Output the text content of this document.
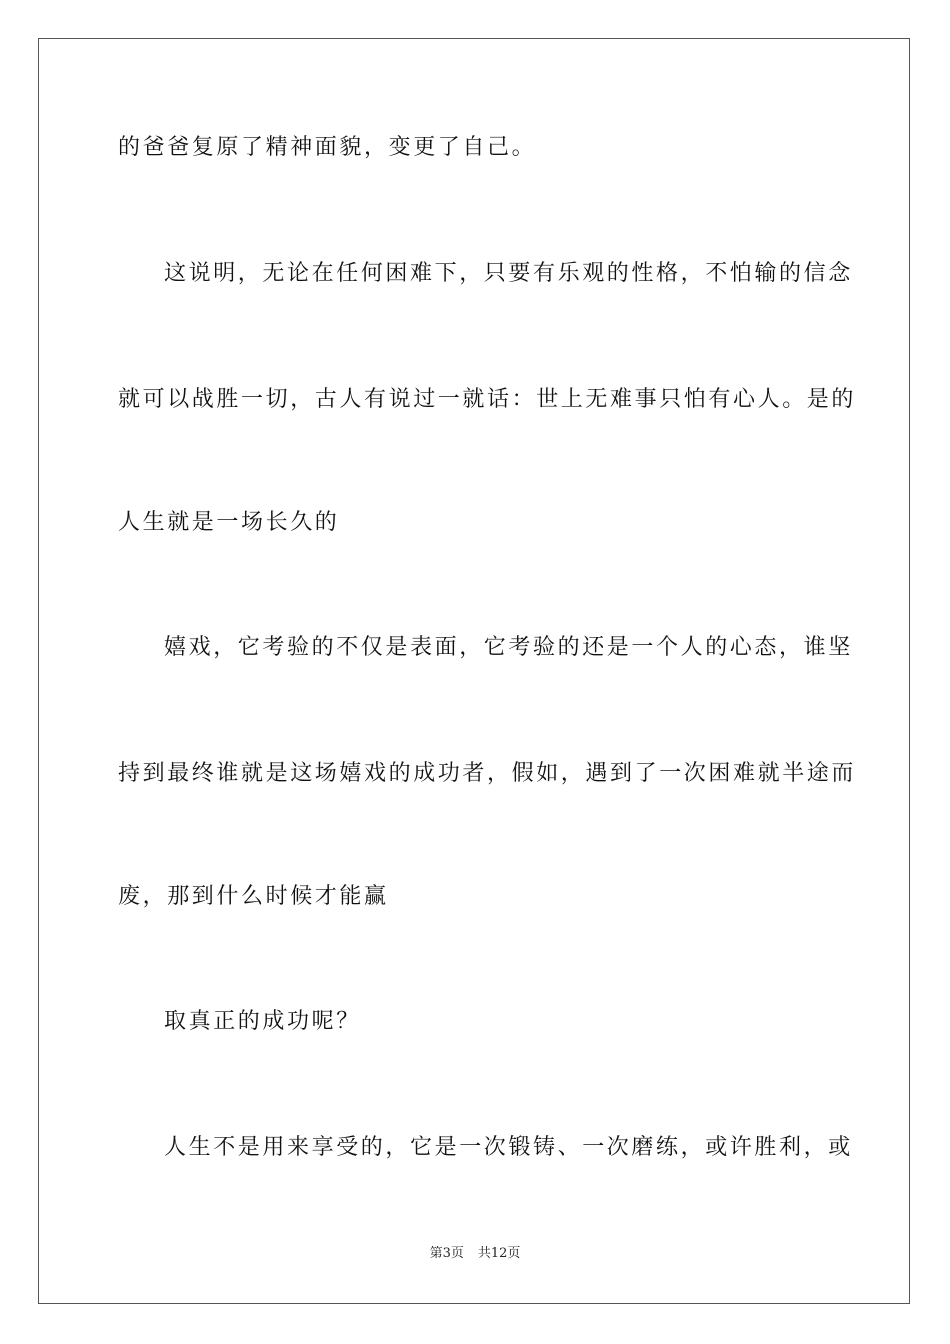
的爸爸复原了精神面貌，变更了自己。
这说明，无论在任何困难下，只要有乐观的性格，不怕输的信念
就可以战胜一切，古人有说过一就话：世上无难事只怕有心人。是的
人生就是一场长久的
嬉戏，它考验的不仅是表面，它考验的还是一个人的心态，谁坚
持到最终谁就是这场嬉戏的成功者，假如，遇到了一次困难就半途而
废，那到什么时候才能赢
取真正的成功呢？
人生不是用来享受的，它是一次锻铸、一次磨练，或许胜利，或
第3页 共12页
